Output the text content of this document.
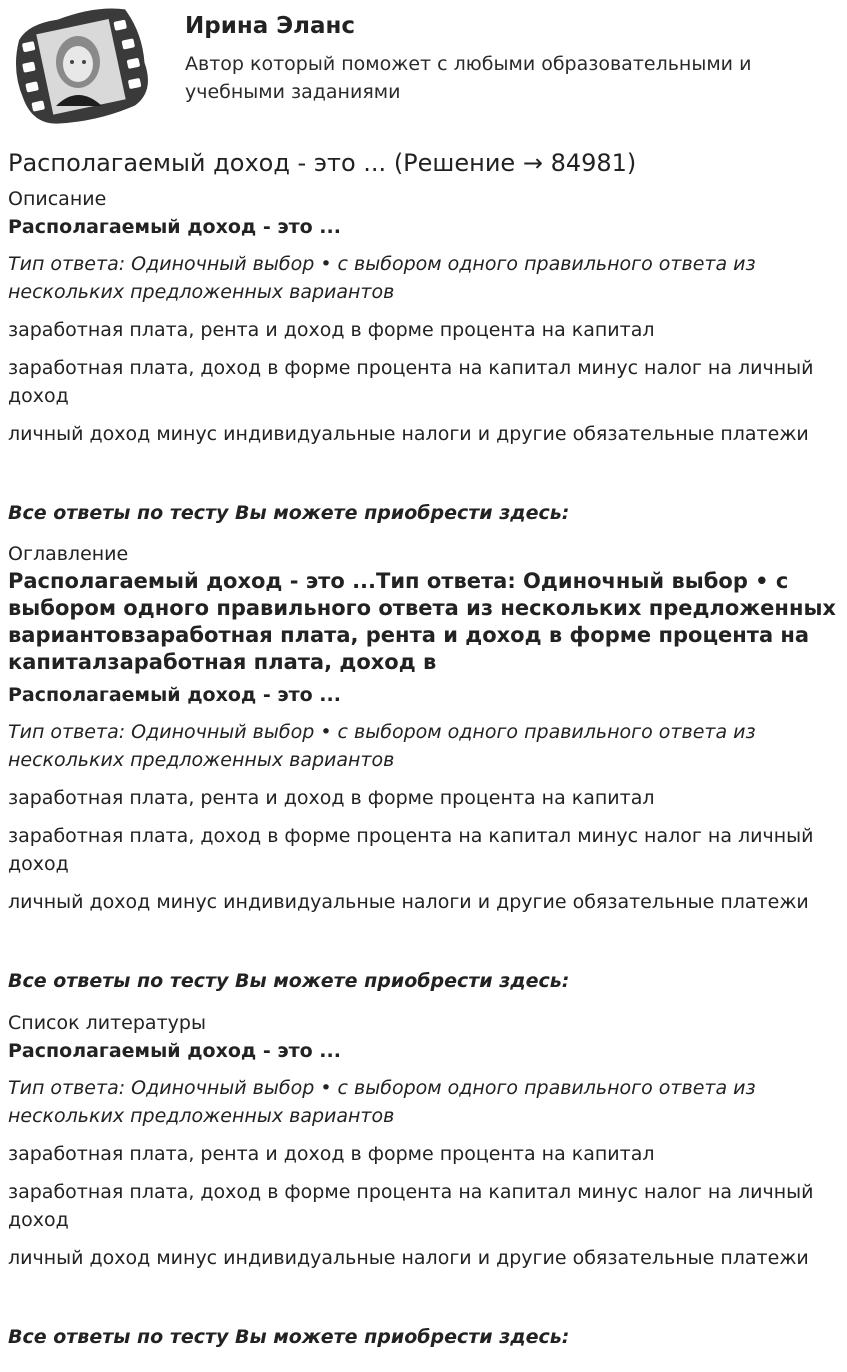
Ирина Эланс
Автор который поможет с любыми образовательными и учебными заданиями
Располагаемый доход - это ... (Решение → 84981)

Описание

Располагаемый доход - это ...

Тип ответа: Одиночный выбор • с выбором одного правильного ответа из нескольких предложенных вариантов

заработная плата, рента и доход в форме процента на капитал

заработная плата, доход в форме процента на капитал минус налог на личный доход

личный доход минус индивидуальные налоги и другие обязательные платежи

Все ответы по тесту Вы можете приобрести здесь:

Оглавление

Располагаемый доход - это ...Тип ответа: Одиночный выбор • с выбором одного правильного ответа из нескольких предложенных вариантовзаработная плата, рента и доход в форме процента на капиталзаработная плата, доход в

Располагаемый доход - это ...

Тип ответа: Одиночный выбор • с выбором одного правильного ответа из нескольких предложенных вариантов

заработная плата, рента и доход в форме процента на капитал

заработная плата, доход в форме процента на капитал минус налог на личный доход

личный доход минус индивидуальные налоги и другие обязательные платежи

Все ответы по тесту Вы можете приобрести здесь:

Список литературы

Располагаемый доход - это ...

Тип ответа: Одиночный выбор • с выбором одного правильного ответа из нескольких предложенных вариантов

заработная плата, рента и доход в форме процента на капитал

заработная плата, доход в форме процента на капитал минус налог на личный доход

личный доход минус индивидуальные налоги и другие обязательные платежи

Все ответы по тесту Вы можете приобрести здесь:
